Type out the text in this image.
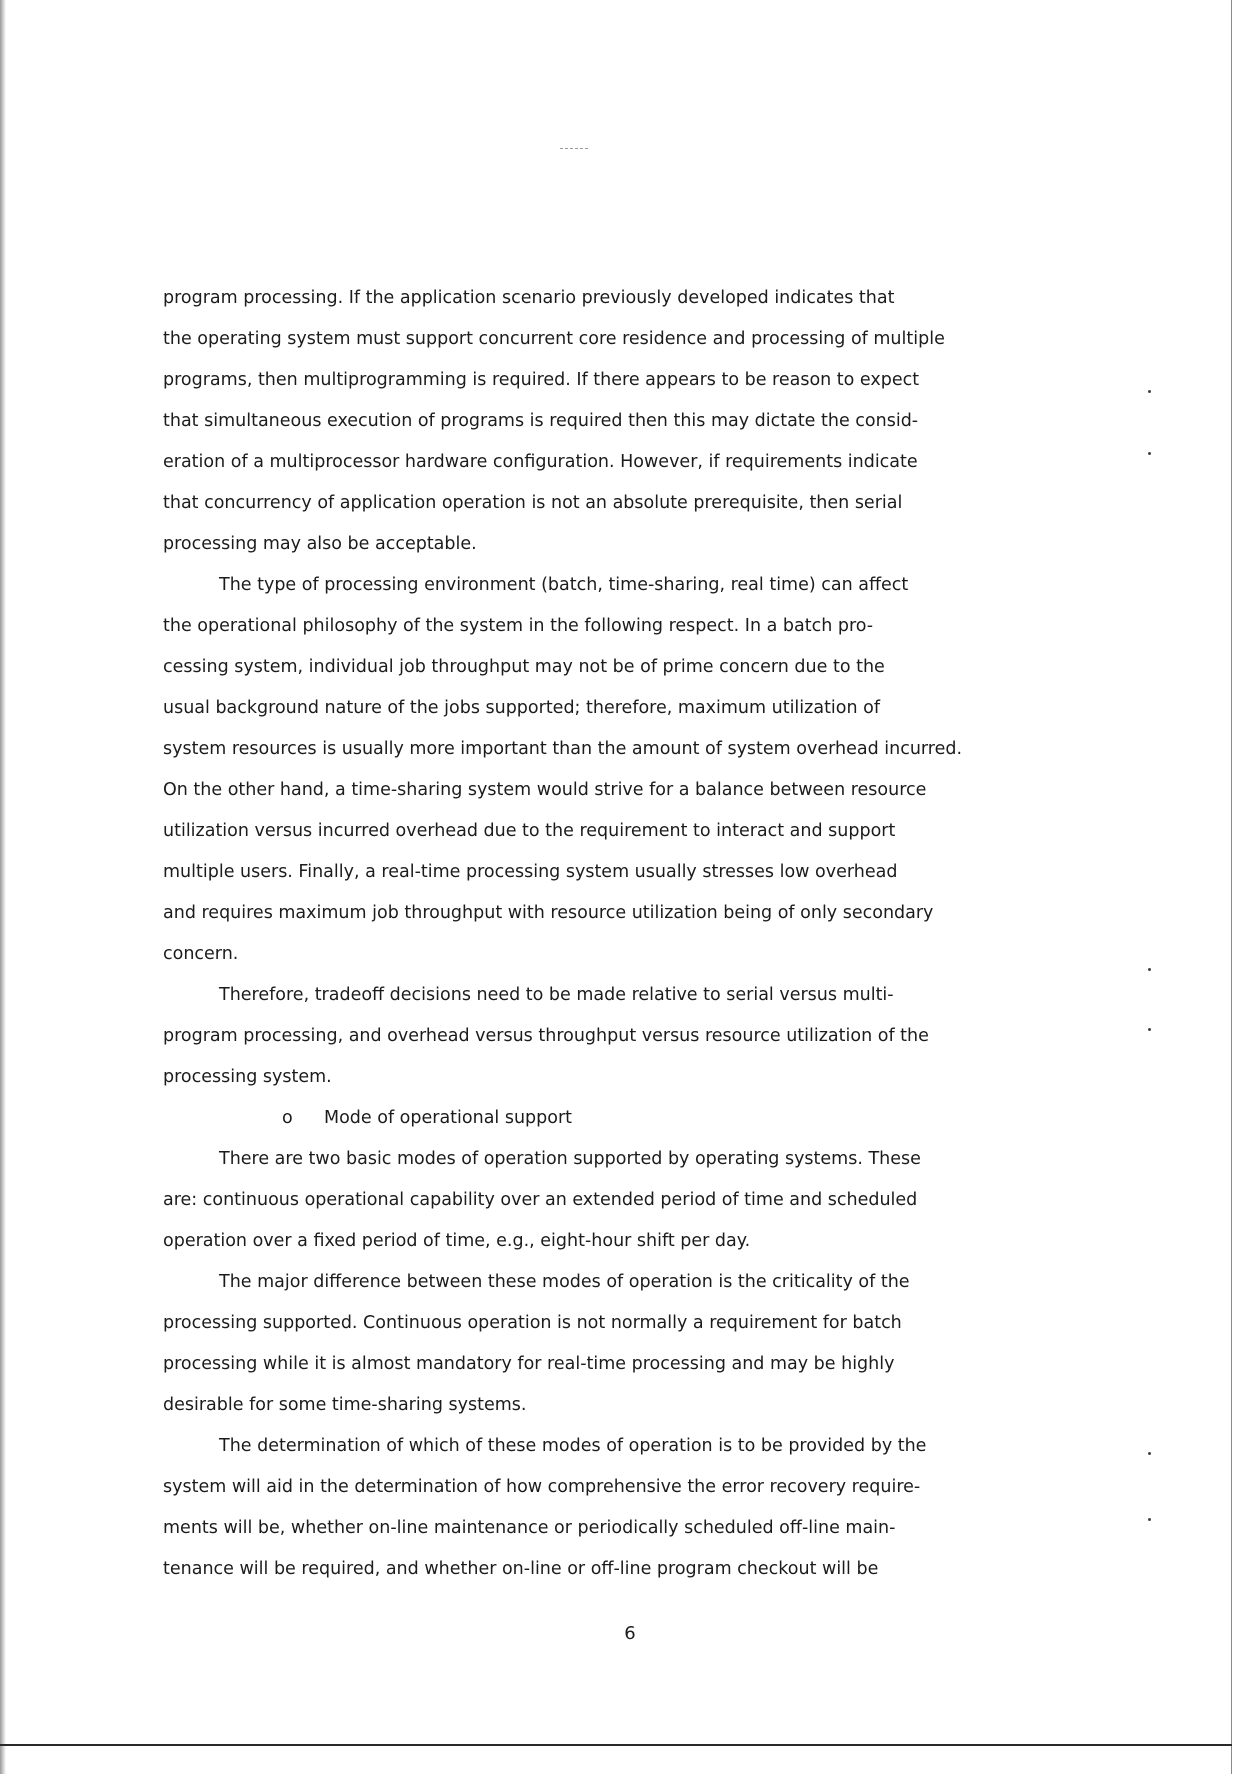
program processing. If the application scenario previously developed indicates that
the operating system must support concurrent core residence and processing of multiple
programs, then multiprogramming is required. If there appears to be reason to expect
that simultaneous execution of programs is required then this may dictate the consid-
eration of a multiprocessor hardware configuration. However, if requirements indicate
that concurrency of application operation is not an absolute prerequisite, then serial
processing may also be acceptable.
The type of processing environment (batch, time-sharing, real time) can affect
the operational philosophy of the system in the following respect. In a batch pro-
cessing system, individual job throughput may not be of prime concern due to the
usual background nature of the jobs supported; therefore, maximum utilization of
system resources is usually more important than the amount of system overhead incurred.
On the other hand, a time-sharing system would strive for a balance between resource
utilization versus incurred overhead due to the requirement to interact and support
multiple users. Finally, a real-time processing system usually stresses low overhead
and requires maximum job throughput with resource utilization being of only secondary
concern.
Therefore, tradeoff decisions need to be made relative to serial versus multi-
program processing, and overhead versus throughput versus resource utilization of the
processing system.
o Mode of operational support
There are two basic modes of operation supported by operating systems. These
are: continuous operational capability over an extended period of time and scheduled
operation over a fixed period of time, e.g., eight-hour shift per day.
The major difference between these modes of operation is the criticality of the
processing supported. Continuous operation is not normally a requirement for batch
processing while it is almost mandatory for real-time processing and may be highly
desirable for some time-sharing systems.
The determination of which of these modes of operation is to be provided by the
system will aid in the determination of how comprehensive the error recovery require-
ments will be, whether on-line maintenance or periodically scheduled off-line main-
tenance will be required, and whether on-line or off-line program checkout will be
6
